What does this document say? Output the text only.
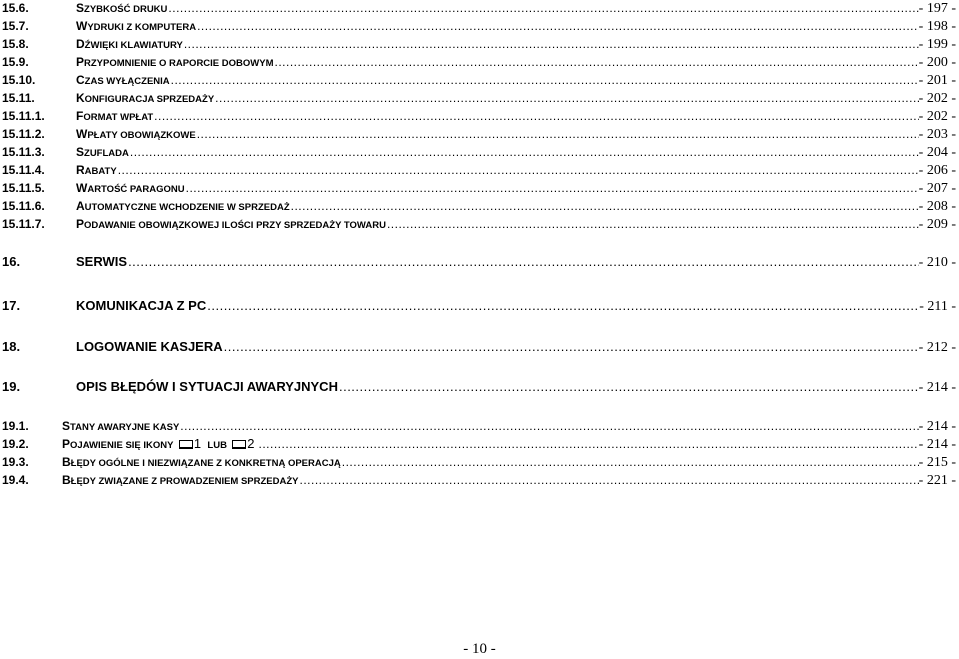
15.6.	SZYBKOŚĆ DRUKU .....	- 197 -
15.7.	WYDRUKI Z KOMPUTERA .....	- 198 -
15.8.	DŹWIĘKI KLAWIATURY .....	- 199 -
15.9.	PRZYPOMNIENIE O RAPORCIE DOBOWYM .....	- 200 -
15.10.	CZAS WYŁĄCZENIA .....	- 201 -
15.11.	KONFIGURACJA SPRZEDAŻY .....	- 202 -
15.11.1.	FORMAT WPŁAT .....	- 202 -
15.11.2.	WPŁATY OBOWIĄZKOWE .....	- 203 -
15.11.3.	SZUFLADA .....	- 204 -
15.11.4.	RABATY .....	- 206 -
15.11.5.	WARTOŚĆ PARAGONU .....	- 207 -
15.11.6.	AUTOMATYCZNE WCHODZENIE W SPRZEDAŻ .....	- 208 -
15.11.7.	PODAWANIE OBOWIĄZKOWEJ ILOŚCI PRZY SPRZEDAŻY TOWARU .....	- 209 -
16.	SERWIS .....	- 210 -
17.	KOMUNIKACJA Z PC .....	- 211 -
18.	LOGOWANIE KASJERA .....	- 212 -
19.	OPIS BŁĘDÓW I SYTUACJI AWARYJNYCH .....	- 214 -
19.1.	STANY AWARYJNE KASY .....	- 214 -
19.2.	POJAWIENIE SIĘ IKONY 1 LUB 2 .....	- 214 -
19.3.	BŁĘDY OGÓLNE I NIEZWIĄZANE Z KONKRETNĄ OPERACJĄ .....	- 215 -
19.4.	BŁĘDY ZWIĄZANE Z PROWADZENIEM SPRZEDAŻY .....	- 221 -
- 10 -
